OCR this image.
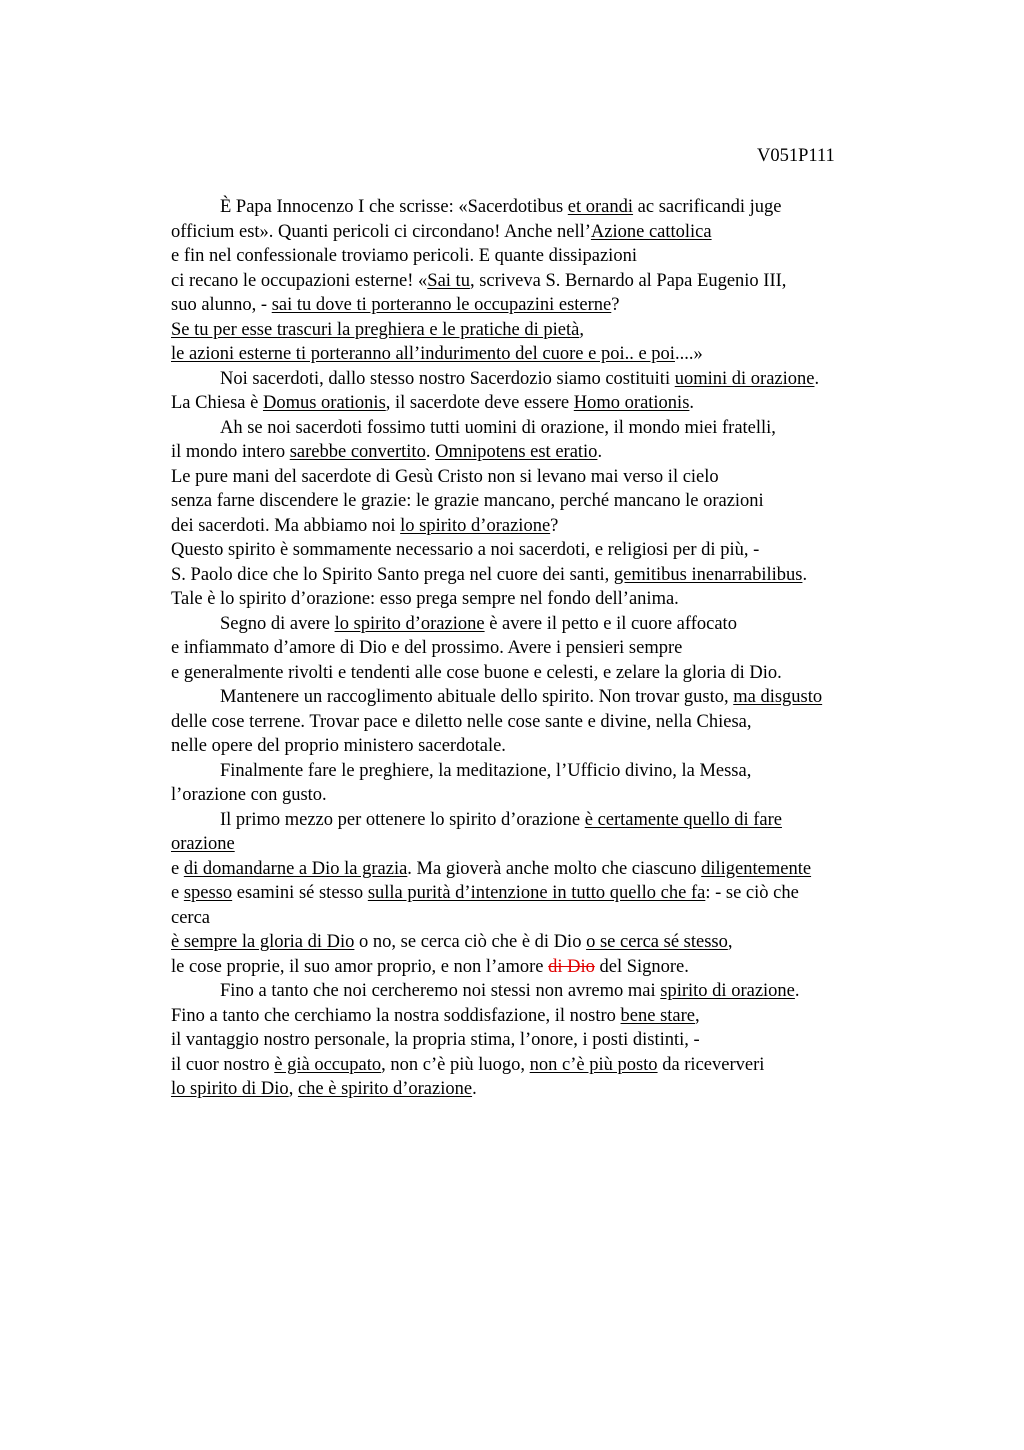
V051P111
È Papa Innocenzo I che scrisse: «Sacerdotibus et orandi ac sacrificandi juge
officium est». Quanti pericoli ci circondano! Anche nell’Azione cattolica
e fin nel confessionale troviamo pericoli. E quante dissipazioni
ci recano le occupazioni esterne! «Sai tu, scriveva S. Bernardo al Papa Eugenio III,
suo alunno, - sai tu dove ti porteranno le occupazini esterne?
Se tu per esse trascuri la preghiera e le pratiche di pietà,
le azioni esterne ti porteranno all’indurimento del cuore e poi.. e poi....»
Noi sacerdoti, dallo stesso nostro Sacerdozio siamo costituiti uomini di orazione.
La Chiesa è Domus orationis, il sacerdote deve essere Homo orationis.
Ah se noi sacerdoti fossimo tutti uomini di orazione, il mondo miei fratelli,
il mondo intero sarebbe convertito. Omnipotens est eratio.
Le pure mani del sacerdote di Gesù Cristo non si levano mai verso il cielo
senza farne discendere le grazie: le grazie mancano, perché mancano le orazioni
dei sacerdoti. Ma abbiamo noi lo spirito d’orazione?
Questo spirito è sommamente necessario a noi sacerdoti, e religiosi per di più, -
S. Paolo dice che lo Spirito Santo prega nel cuore dei santi, gemitibus inenarrabilibus.
Tale è lo spirito d’orazione: esso prega sempre nel fondo dell’anima.
Segno di avere lo spirito d’orazione è avere il petto e il cuore affocato
e infiammato d’amore di Dio e del prossimo. Avere i pensieri sempre
e generalmente rivolti e tendenti alle cose buone e celesti, e zelare la gloria di Dio.
Mantenere un raccoglimento abituale dello spirito. Non trovar gusto, ma disgusto
delle cose terrene. Trovar pace e diletto nelle cose sante e divine, nella Chiesa,
nelle opere del proprio ministero sacerdotale.
Finalmente fare le preghiere, la meditazione, l’Ufficio divino, la Messa,
l’orazione con gusto.
Il primo mezzo per ottenere lo spirito d’orazione è certamente quello di fare
orazione
e di domandarne a Dio la grazia. Ma gioverà anche molto che ciascuno diligentemente
e spesso esamini sé stesso sulla purità d’intenzione in tutto quello che fa: - se ciò che
cerca
è sempre la gloria di Dio o no, se cerca ciò che è di Dio o se cerca sé stesso,
le cose proprie, il suo amor proprio, e non l’amore di Dio del Signore.
Fino a tanto che noi cercheremo noi stessi non avremo mai spirito di orazione.
Fino a tanto che cerchiamo la nostra soddisfazione, il nostro bene stare,
il vantaggio nostro personale, la propria stima, l’onore, i posti distinti, -
il cuor nostro è già occupato, non c’è più luogo, non c’è più posto da riceververi
lo spirito di Dio, che è spirito d’orazione.
